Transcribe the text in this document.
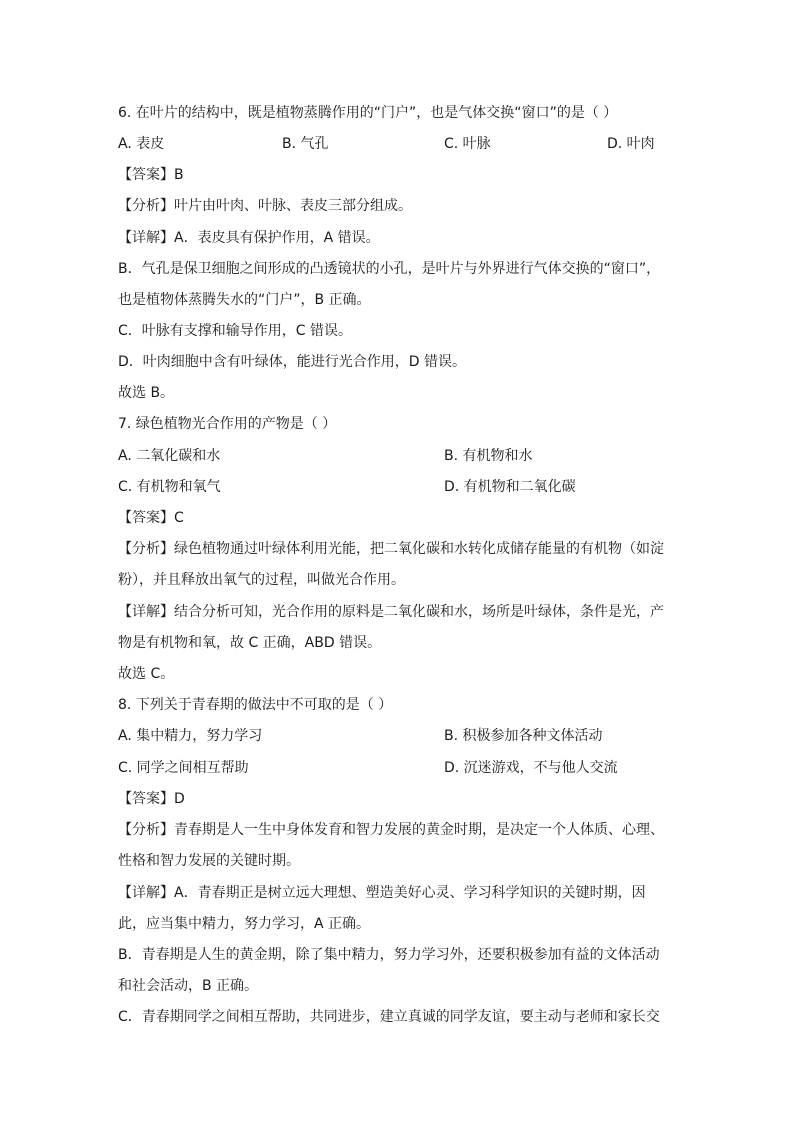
6. 在叶片的结构中，既是植物蒸腾作用的“门户”，也是气体交换“窗口”的是（ ）
A. 表皮	B. 气孔	C. 叶脉	D. 叶肉
【答案】B
【分析】叶片由叶肉、叶脉、表皮三部分组成。
【详解】A．表皮具有保护作用，A 错误。
B．气孔是保卫细胞之间形成的凸透镜状的小孔，是叶片与外界进行气体交换的“窗口”，
也是植物体蒸腾失水的“门户”，B 正确。
C．叶脉有支撑和输导作用，C 错误。
D．叶肉细胞中含有叶绿体，能进行光合作用，D 错误。
故选 B。
7. 绿色植物光合作用的产物是（ ）
A. 二氧化碳和水	B. 有机物和水
C. 有机物和氧气	D. 有机物和二氧化碳
【答案】C
【分析】绿色植物通过叶绿体利用光能，把二氧化碳和水转化成储存能量的有机物（如淀
粉），并且释放出氧气的过程，叫做光合作用。
【详解】结合分析可知，光合作用的原料是二氧化碳和水，场所是叶绿体，条件是光，产
物是有机物和氧，故 C 正确，ABD 错误。
故选 C。
8. 下列关于青春期的做法中不可取的是（ ）
A. 集中精力，努力学习	B. 积极参加各种文体活动
C. 同学之间相互帮助	D. 沉迷游戏，不与他人交流
【答案】D
【分析】青春期是人一生中身体发育和智力发展的黄金时期，是决定一个人体质、心理、
性格和智力发展的关键时期。
【详解】A．青春期正是树立远大理想、塑造美好心灵、学习科学知识的关键时期，因
此，应当集中精力，努力学习，A 正确。
B．青春期是人生的黄金期，除了集中精力，努力学习外，还要积极参加有益的文体活动
和社会活动，B 正确。
C．青春期同学之间相互帮助，共同进步，建立真诚的同学友谊，要主动与老师和家长交
